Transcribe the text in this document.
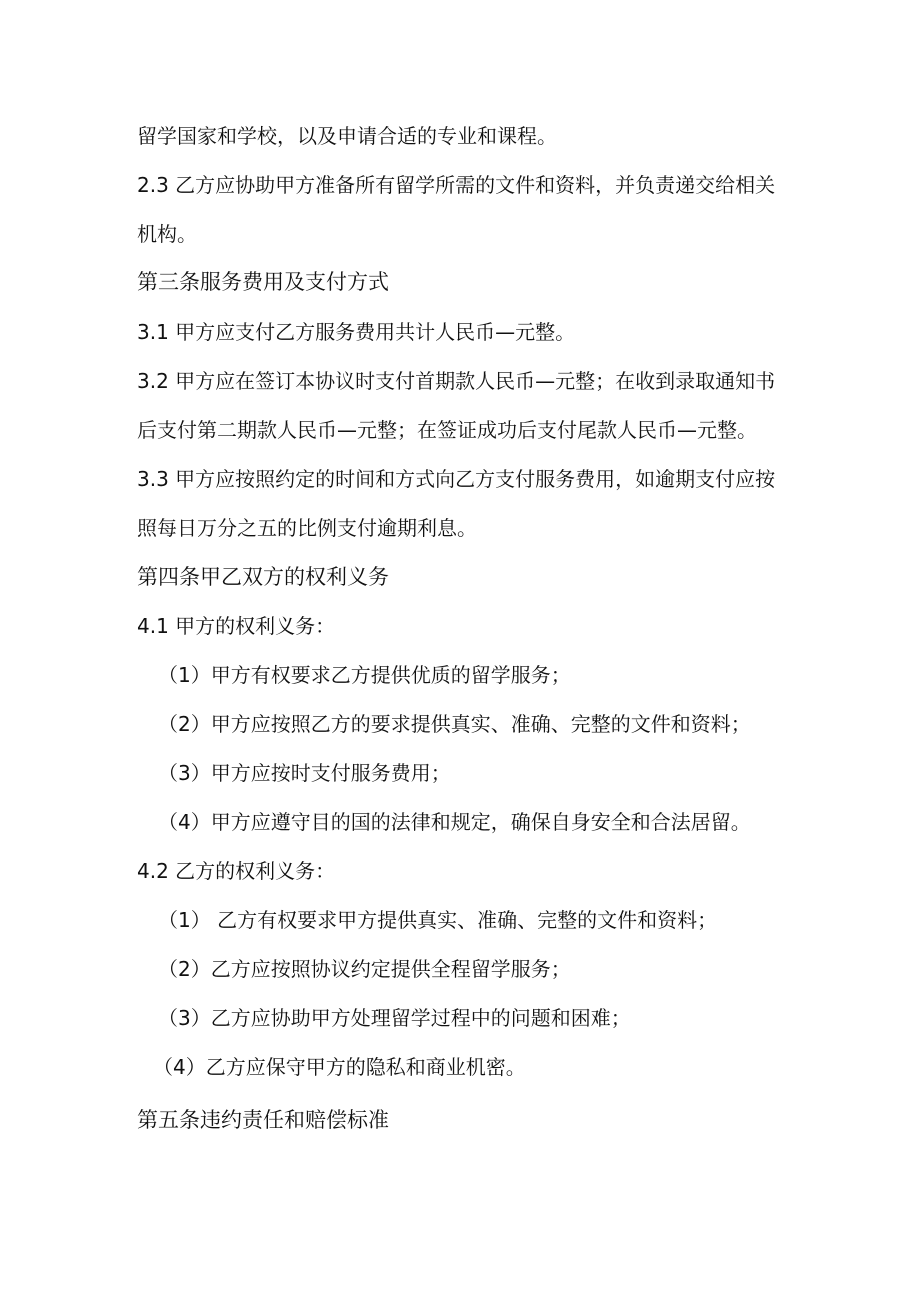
留学国家和学校，以及申请合适的专业和课程。
2.3 乙方应协助甲方准备所有留学所需的文件和资料，并负责递交给相关
机构。
第三条服务费用及支付方式
3.1 甲方应支付乙方服务费用共计人民币—元整。
3.2 甲方应在签订本协议时支付首期款人民币—元整；在收到录取通知书
后支付第二期款人民币—元整；在签证成功后支付尾款人民币—元整。
3.3 甲方应按照约定的时间和方式向乙方支付服务费用，如逾期支付应按
照每日万分之五的比例支付逾期利息。
第四条甲乙双方的权利义务
4.1 甲方的权利义务：
（1）甲方有权要求乙方提供优质的留学服务；
（2）甲方应按照乙方的要求提供真实、准确、完整的文件和资料；
（3）甲方应按时支付服务费用；
（4）甲方应遵守目的国的法律和规定，确保自身安全和合法居留。
4.2 乙方的权利义务：
（1） 乙方有权要求甲方提供真实、准确、完整的文件和资料；
（2）乙方应按照协议约定提供全程留学服务；
（3）乙方应协助甲方处理留学过程中的问题和困难；
（4）乙方应保守甲方的隐私和商业机密。
第五条违约责任和赔偿标准
